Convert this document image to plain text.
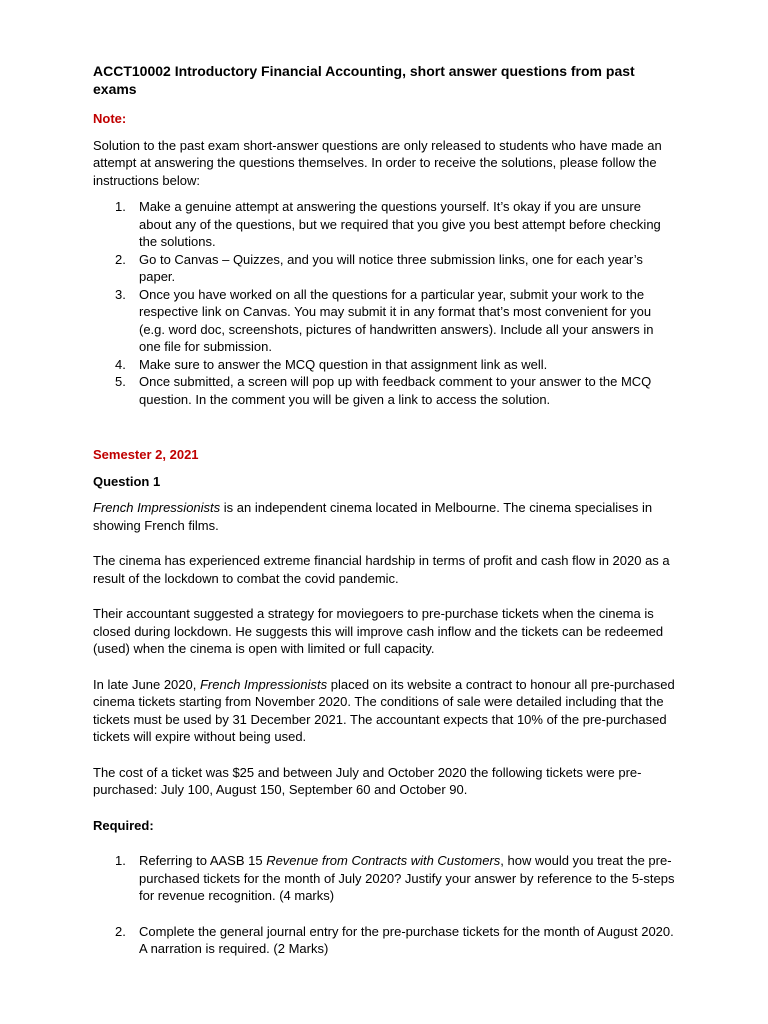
ACCT10002 Introductory Financial Accounting, short answer questions from past exams

Note:

Solution to the past exam short-answer questions are only released to students who have made an attempt at answering the questions themselves. In order to receive the solutions, please follow the instructions below:

1. Make a genuine attempt at answering the questions yourself. It’s okay if you are unsure about any of the questions, but we required that you give you best attempt before checking the solutions.
2. Go to Canvas – Quizzes, and you will notice three submission links, one for each year’s paper.
3. Once you have worked on all the questions for a particular year, submit your work to the respective link on Canvas. You may submit it in any format that’s most convenient for you (e.g. word doc, screenshots, pictures of handwritten answers). Include all your answers in one file for submission.
4. Make sure to answer the MCQ question in that assignment link as well.
5. Once submitted, a screen will pop up with feedback comment to your answer to the MCQ question. In the comment you will be given a link to access the solution.

Semester 2, 2021

Question 1

French Impressionists is an independent cinema located in Melbourne. The cinema specialises in showing French films.

The cinema has experienced extreme financial hardship in terms of profit and cash flow in 2020 as a result of the lockdown to combat the covid pandemic.

Their accountant suggested a strategy for moviegoers to pre-purchase tickets when the cinema is closed during lockdown. He suggests this will improve cash inflow and the tickets can be redeemed (used) when the cinema is open with limited or full capacity.

In late June 2020, French Impressionists placed on its website a contract to honour all pre-purchased cinema tickets starting from November 2020. The conditions of sale were detailed including that the tickets must be used by 31 December 2021. The accountant expects that 10% of the pre-purchased tickets will expire without being used.

The cost of a ticket was $25 and between July and October 2020 the following tickets were pre-purchased: July 100, August 150, September 60 and October 90.

Required:

1. Referring to AASB 15 Revenue from Contracts with Customers, how would you treat the pre-purchased tickets for the month of July 2020? Justify your answer by reference to the 5-steps for revenue recognition. (4 marks)
2. Complete the general journal entry for the pre-purchase tickets for the month of August 2020. A narration is required. (2 Marks)
